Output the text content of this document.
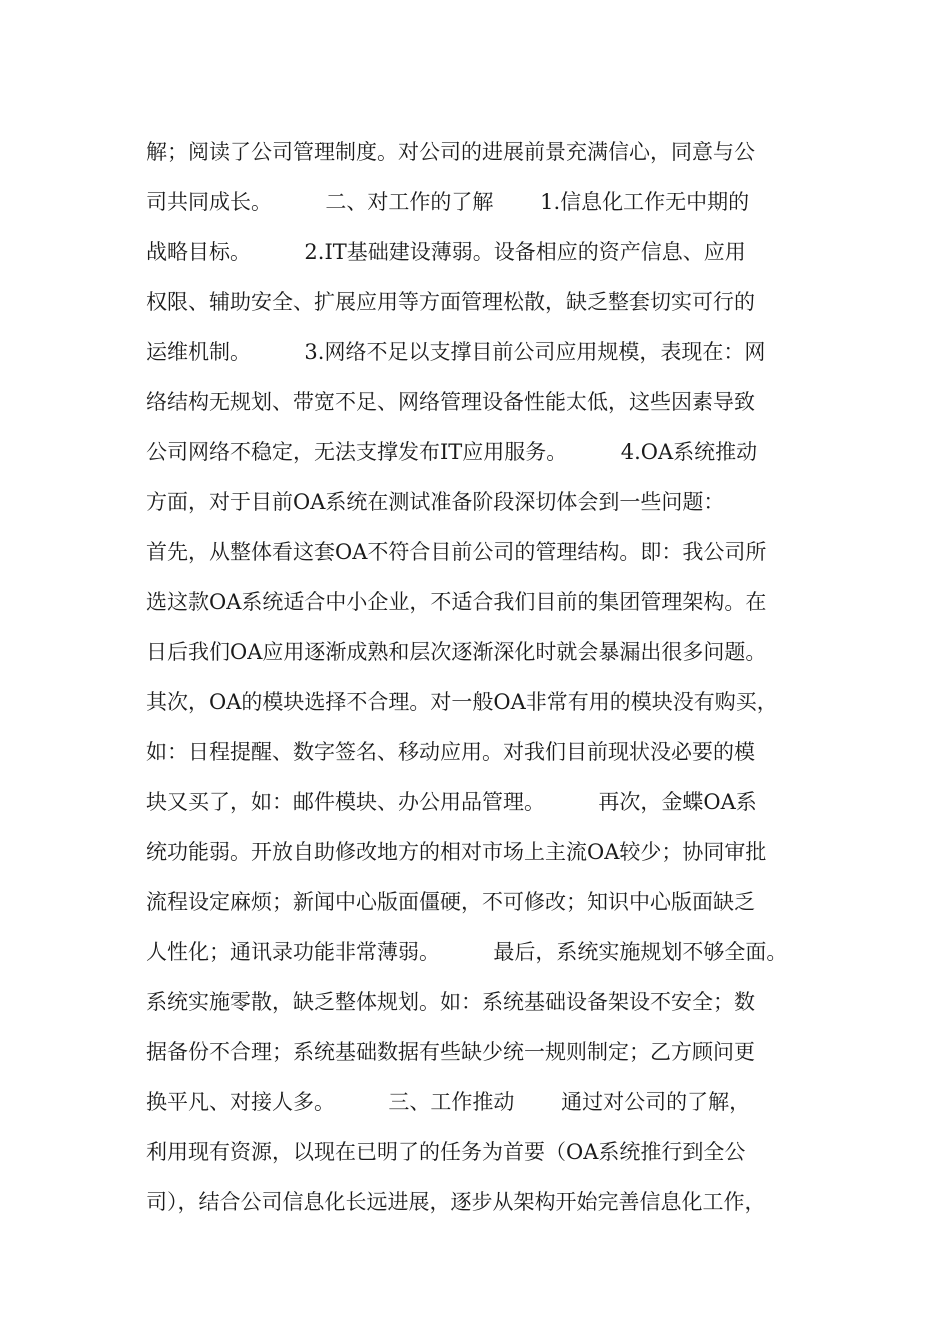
解；阅读了公司管理制度。对公司的进展前景充满信心，同意与公
司共同成长。        二、对工作的了解       1.信息化工作无中期的
战略目标。        2.IT基础建设薄弱。设备相应的资产信息、应用
权限、辅助安全、扩展应用等方面管理松散，缺乏整套切实可行的
运维机制。        3.网络不足以支撑目前公司应用规模，表现在：网
络结构无规划、带宽不足、网络管理设备性能太低，这些因素导致
公司网络不稳定，无法支撑发布IT应用服务。        4.OA系统推动
方面，对于目前OA系统在测试准备阶段深切体会到一些问题：
首先，从整体看这套OA不符合目前公司的管理结构。即：我公司所
选这款OA系统适合中小企业，不适合我们目前的集团管理架构。在
日后我们OA应用逐渐成熟和层次逐渐深化时就会暴漏出很多问题。
其次，OA的模块选择不合理。对一般OA非常有用的模块没有购买，
如：日程提醒、数字签名、移动应用。对我们目前现状没必要的模
块又买了，如：邮件模块、办公用品管理。        再次，金蝶OA系
统功能弱。开放自助修改地方的相对市场上主流OA较少；协同审批
流程设定麻烦；新闻中心版面僵硬，不可修改；知识中心版面缺乏
人性化；通讯录功能非常薄弱。        最后，系统实施规划不够全面。
系统实施零散，缺乏整体规划。如：系统基础设备架设不安全；数
据备份不合理；系统基础数据有些缺少统一规则制定；乙方顾问更
换平凡、对接人多。        三、工作推动       通过对公司的了解，
利用现有资源，以现在已明了的任务为首要（OA系统推行到全公
司），结合公司信息化长远进展，逐步从架构开始完善信息化工作，
